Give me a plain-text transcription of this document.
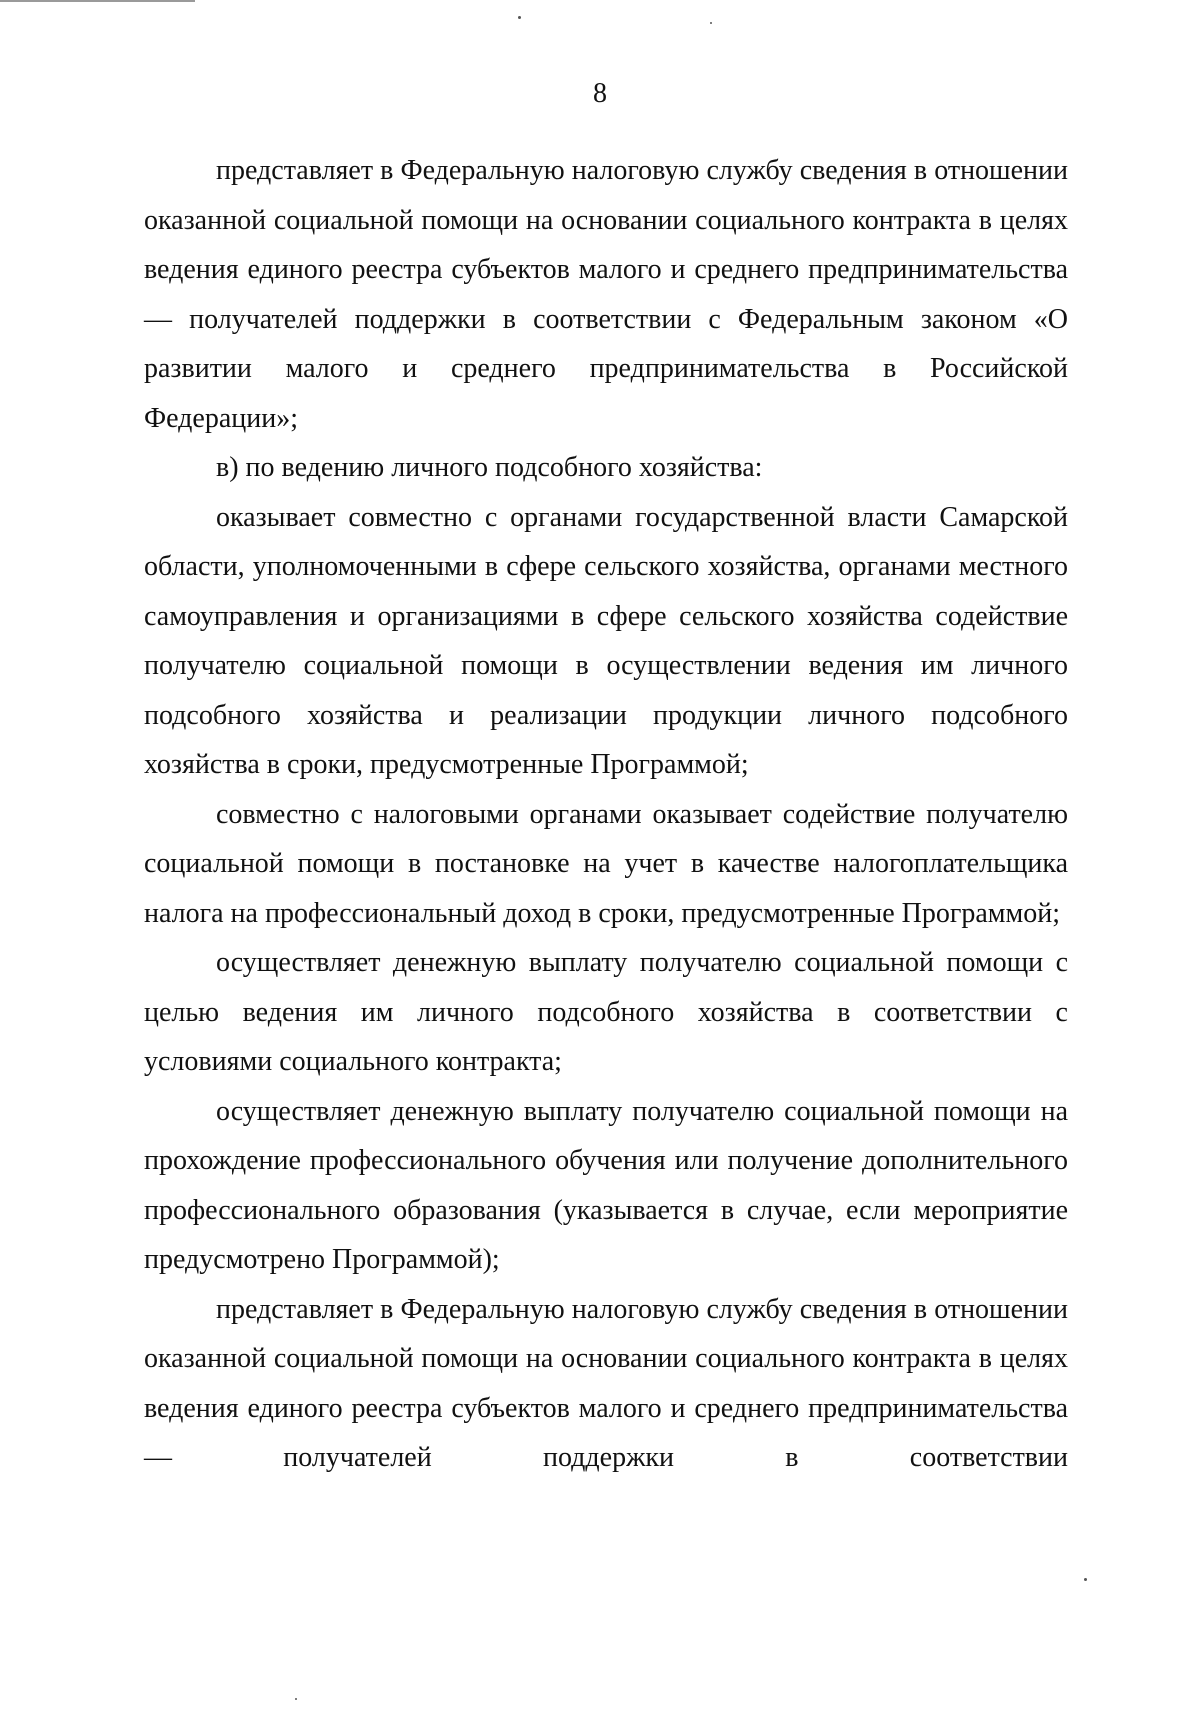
8

представляет в Федеральную налоговую службу сведения в отношении оказанной социальной помощи на основании социального контракта в целях ведения единого реестра субъектов малого и среднего предпринимательства — получателей поддержки в соответствии с Федеральным законом «О развитии малого и среднего предпринимательства в Российской Федерации»;

в) по ведению личного подсобного хозяйства:

оказывает совместно с органами государственной власти Самарской области, уполномоченными в сфере сельского хозяйства, органами местного самоуправления и организациями в сфере сельского хозяйства содействие получателю социальной помощи в осуществлении ведения им личного подсобного хозяйства и реализации продукции личного подсобного хозяйства в сроки, предусмотренные Программой;

совместно с налоговыми органами оказывает содействие получателю социальной помощи в постановке на учет в качестве налогоплательщика налога на профессиональный доход в сроки, предусмотренные Программой;

осуществляет денежную выплату получателю социальной помощи с целью ведения им личного подсобного хозяйства в соответствии с условиями социального контракта;

осуществляет денежную выплату получателю социальной помощи на прохождение профессионального обучения или получение дополнительного профессионального образования (указывается в случае, если мероприятие предусмотрено Программой);

представляет в Федеральную налоговую службу сведения в отношении оказанной социальной помощи на основании социального контракта в целях ведения единого реестра субъектов малого и среднего предпринимательства — получателей поддержки в соответствии
